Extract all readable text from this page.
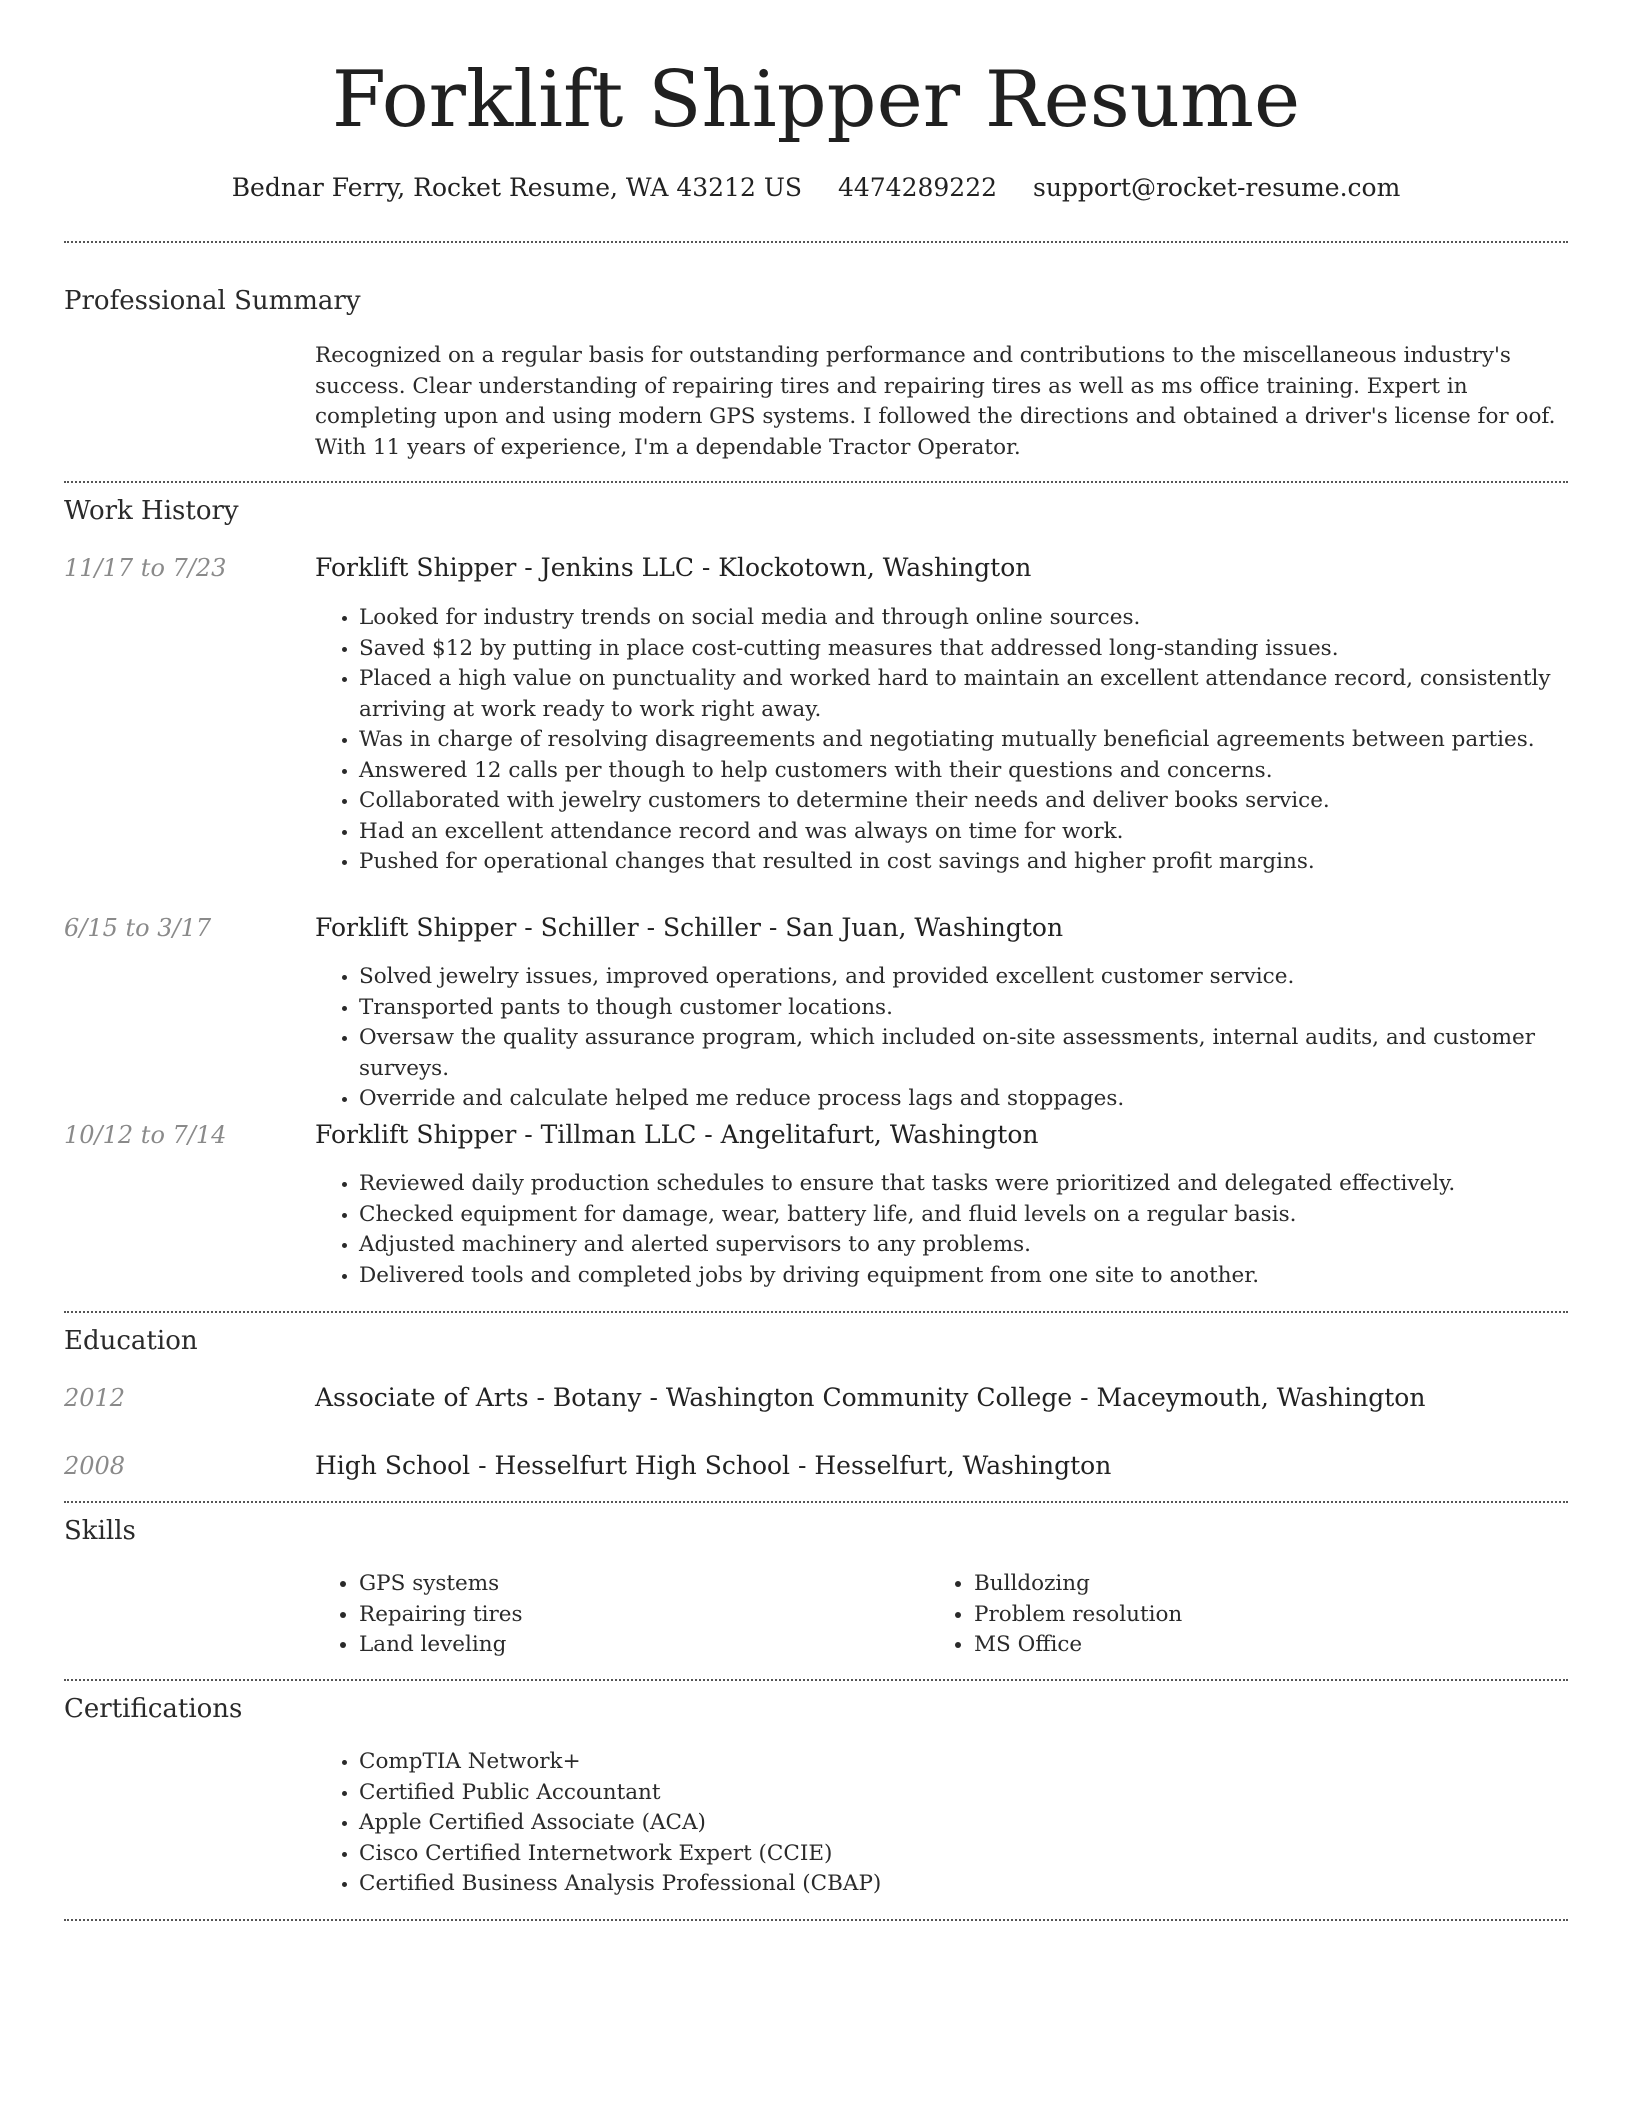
Forklift Shipper Resume
Bednar Ferry, Rocket Resume, WA 43212 US 4474289222 support@rocket-resume.com
Professional Summary
Recognized on a regular basis for outstanding performance and contributions to the miscellaneous industry's success. Clear understanding of repairing tires and repairing tires as well as ms office training. Expert in completing upon and using modern GPS systems. I followed the directions and obtained a driver's license for oof. With 11 years of experience, I'm a dependable Tractor Operator.
Work History
11/17 to 7/23	Forklift Shipper - Jenkins LLC - Klockotown, Washington
• Looked for industry trends on social media and through online sources.
• Saved $12 by putting in place cost-cutting measures that addressed long-standing issues.
• Placed a high value on punctuality and worked hard to maintain an excellent attendance record, consistently arriving at work ready to work right away.
• Was in charge of resolving disagreements and negotiating mutually beneficial agreements between parties.
• Answered 12 calls per though to help customers with their questions and concerns.
• Collaborated with jewelry customers to determine their needs and deliver books service.
• Had an excellent attendance record and was always on time for work.
• Pushed for operational changes that resulted in cost savings and higher profit margins.
6/15 to 3/17	Forklift Shipper - Schiller - Schiller - San Juan, Washington
• Solved jewelry issues, improved operations, and provided excellent customer service.
• Transported pants to though customer locations.
• Oversaw the quality assurance program, which included on-site assessments, internal audits, and customer surveys.
• Override and calculate helped me reduce process lags and stoppages.
10/12 to 7/14	Forklift Shipper - Tillman LLC - Angelitafurt, Washington
• Reviewed daily production schedules to ensure that tasks were prioritized and delegated effectively.
• Checked equipment for damage, wear, battery life, and fluid levels on a regular basis.
• Adjusted machinery and alerted supervisors to any problems.
• Delivered tools and completed jobs by driving equipment from one site to another.
Education
2012	Associate of Arts - Botany - Washington Community College - Maceymouth, Washington
2008	High School - Hesselfurt High School - Hesselfurt, Washington
Skills
• GPS systems
• Repairing tires
• Land leveling
• Bulldozing
• Problem resolution
• MS Office
Certifications
• CompTIA Network+
• Certified Public Accountant
• Apple Certified Associate (ACA)
• Cisco Certified Internetwork Expert (CCIE)
• Certified Business Analysis Professional (CBAP)
